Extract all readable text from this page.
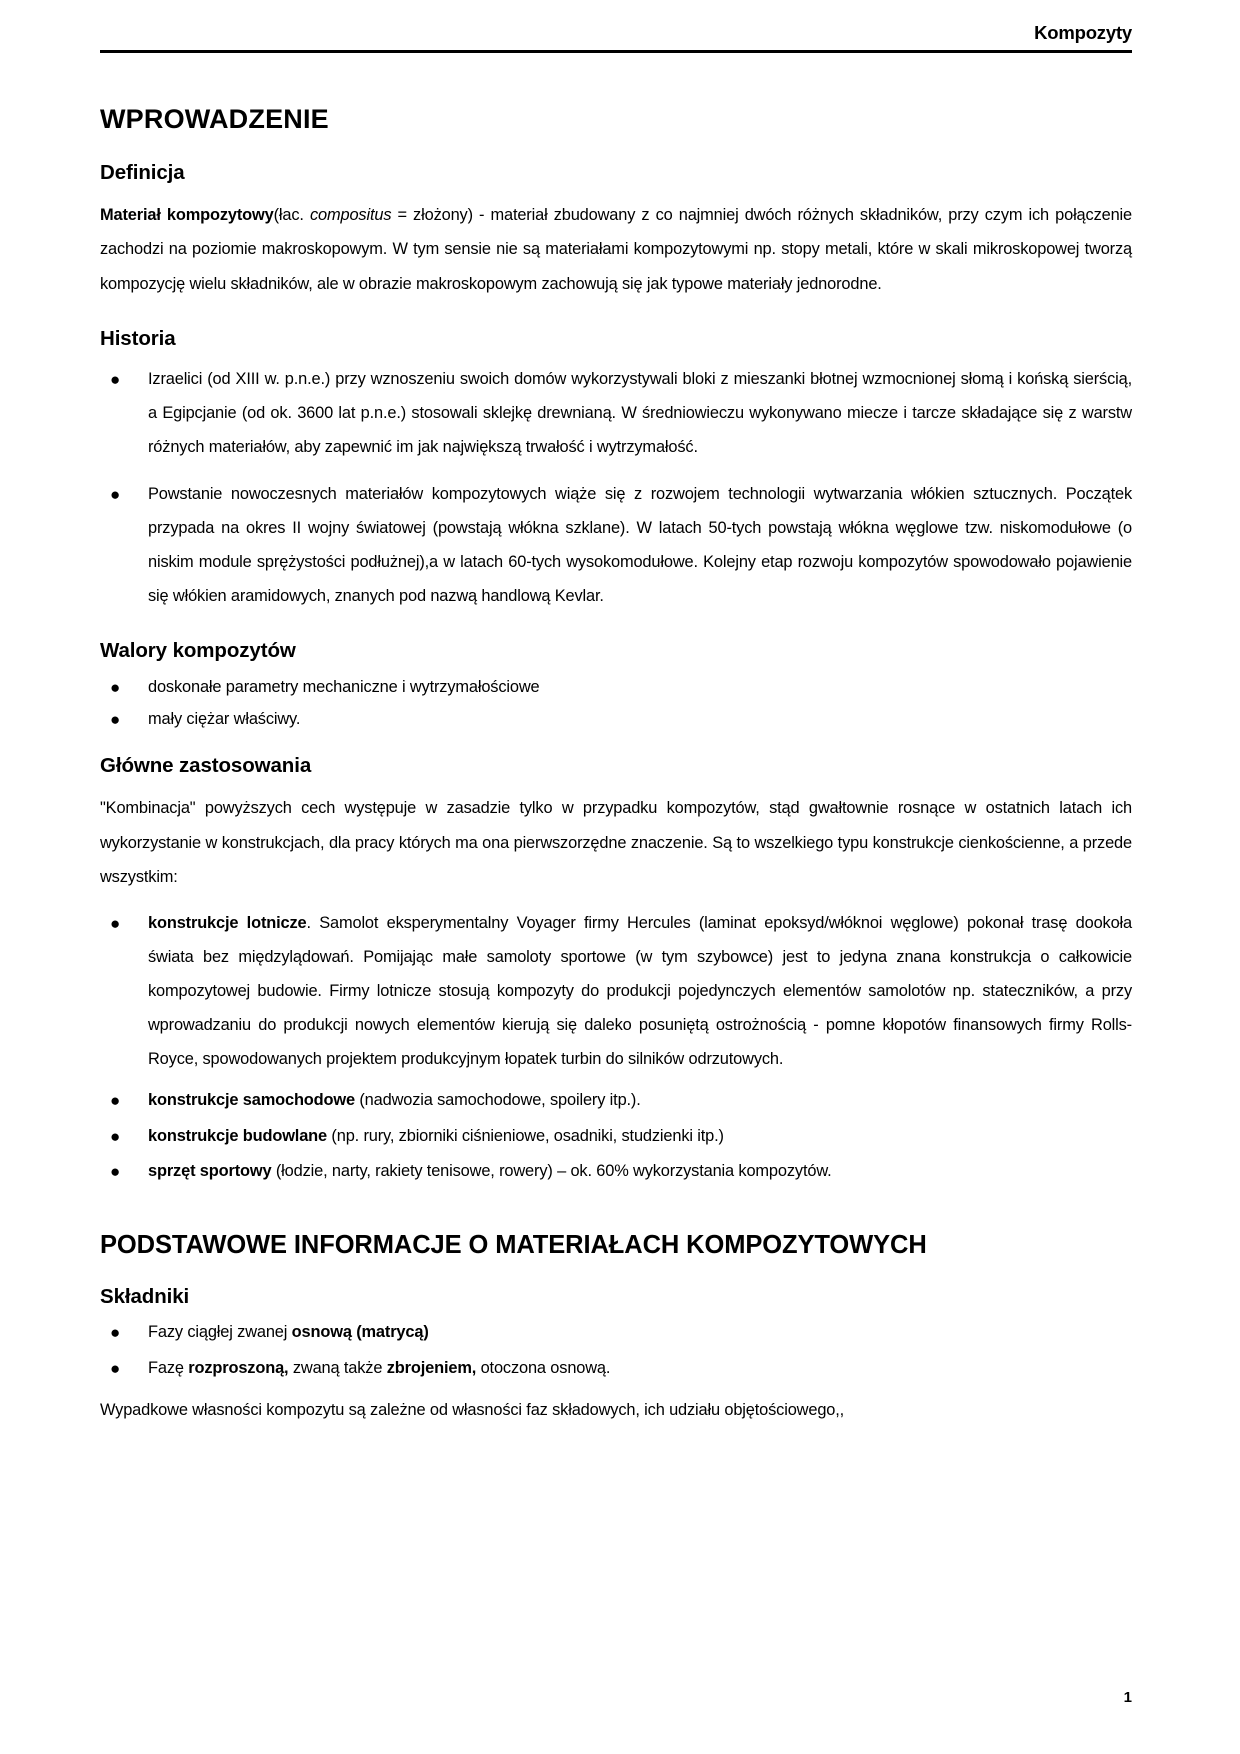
Kompozyty
WPROWADZENIE
Definicja

Materiał kompozytowy(łac. compositus = złożony) - materiał zbudowany z co najmniej dwóch różnych składników, przy czym ich połączenie zachodzi na poziomie makroskopowym. W tym sensie nie są materiałami kompozytowymi np. stopy metali, które w skali mikroskopowej tworzą kompozycję wielu składników, ale w obrazie makroskopowym zachowują się jak typowe materiały jednorodne.

Historia
● Izraelici (od XIII w. p.n.e.) przy wznoszeniu swoich domów wykorzystywali bloki z mieszanki błotnej wzmocnionej słomą i końską sierścią, a Egipcjanie (od ok. 3600 lat p.n.e.) stosowali sklejkę drewnianą. W średniowieczu wykonywano miecze i tarcze składające się z warstw różnych materiałów, aby zapewnić im jak największą trwałość i wytrzymałość.
● Powstanie nowoczesnych materiałów kompozytowych wiąże się z rozwojem technologii wytwarzania włókien sztucznych. Początek przypada na okres II wojny światowej (powstają włókna szklane). W latach 50-tych powstają włókna węglowe tzw. niskomodułowe (o niskim module sprężystości podłużnej),a w latach 60-tych wysokomodułowe. Kolejny etap rozwoju kompozytów spowodowało pojawienie się włókien aramidowych, znanych pod nazwą handlową Kevlar.
Walory kompozytów
● doskonałe parametry mechaniczne i wytrzymałościowe
● mały ciężar właściwy.
Główne zastosowania

"Kombinacja" powyższych cech występuje w zasadzie tylko w przypadku kompozytów, stąd gwałtownie rosnące w ostatnich latach ich wykorzystanie w konstrukcjach, dla pracy których ma ona pierwszorzędne znaczenie. Są to wszelkiego typu konstrukcje cienkościenne, a przede wszystkim:

● konstrukcje lotnicze. Samolot eksperymentalny Voyager firmy Hercules (laminat epoksyd/włóknoi węglowe) pokonał trasę dookoła świata bez międzylądowań. Pomijając małe samoloty sportowe (w tym szybowce) jest to jedyna znana konstrukcja o całkowicie kompozytowej budowie. Firmy lotnicze stosują kompozyty do produkcji pojedynczych elementów samolotów np. stateczników, a przy wprowadzaniu do produkcji nowych elementów kierują się daleko posuniętą ostrożnością - pomne kłopotów finansowych firmy Rolls-Royce, spowodowanych projektem produkcyjnym łopatek turbin do silników odrzutowych.
● konstrukcje samochodowe (nadwozia samochodowe, spoilery itp.).
● konstrukcje budowlane (np. rury, zbiorniki ciśnieniowe, osadniki, studzienki itp.)
● sprzęt sportowy (łodzie, narty, rakiety tenisowe, rowery) – ok. 60% wykorzystania kompozytów.
PODSTAWOWE INFORMACJE O MATERIAŁACH KOMPOZYTOWYCH
Składniki
● Fazy ciągłej zwanej osnową (matrycą)
● Fazę rozproszoną, zwaną także zbrojeniem, otoczona osnową.

Wypadkowe własności kompozytu są zależne od własności faz składowych, ich udziału objętościowego,,

1
